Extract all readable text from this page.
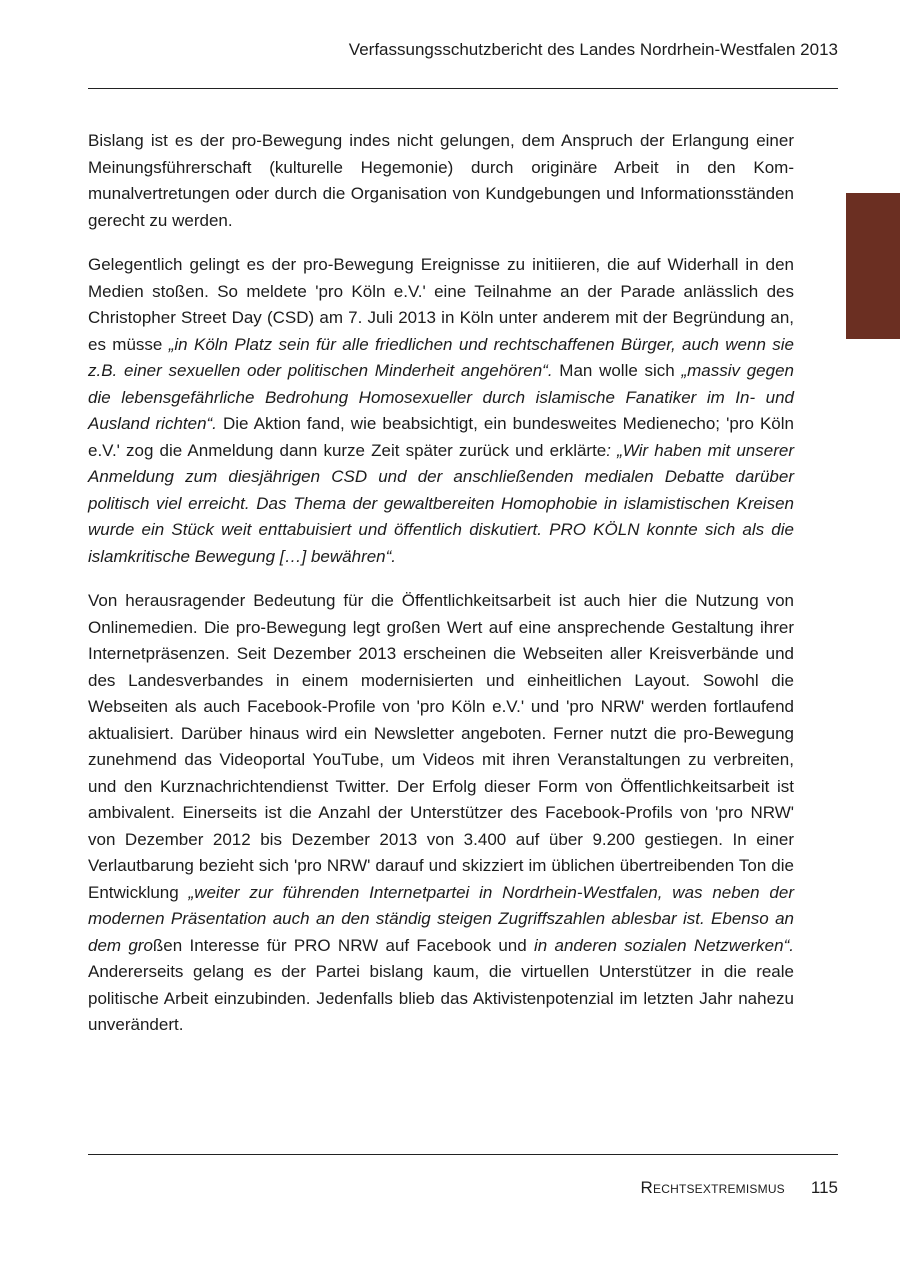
Verfassungsschutzbericht des Landes Nordrhein-Westfalen 2013

Bislang ist es der pro-Bewegung indes nicht gelungen, dem Anspruch der Erlangung einer Meinungsführerschaft (kulturelle Hegemonie) durch originäre Arbeit in den Kommunalvertretungen oder durch die Organisation von Kundgebungen und Informationsständen gerecht zu werden.

Gelegentlich gelingt es der pro-Bewegung Ereignisse zu initiieren, die auf Widerhall in den Medien stoßen. So meldete 'pro Köln e.V.' eine Teilnahme an der Parade anlässlich des Christopher Street Day (CSD) am 7. Juli 2013 in Köln unter anderem mit der Begründung an, es müsse „in Köln Platz sein für alle friedlichen und rechtschaffenen Bürger, auch wenn sie z.B. einer sexuellen oder politischen Minderheit angehören“. Man wolle sich „massiv gegen die lebensgefährliche Bedrohung Homosexueller durch islamische Fanatiker im In- und Ausland richten“. Die Aktion fand, wie beabsichtigt, ein bundesweites Medienecho; 'pro Köln e.V.' zog die Anmeldung dann kurze Zeit später zurück und erklärte: „Wir haben mit unserer Anmeldung zum diesjährigen CSD und der anschließenden medialen Debatte darüber politisch viel erreicht. Das Thema der gewaltbereiten Homophobie in islamistischen Kreisen wurde ein Stück weit enttabuisiert und öffentlich diskutiert. PRO KÖLN konnte sich als die islamkritische Bewegung […] bewähren“.

Von herausragender Bedeutung für die Öffentlichkeitsarbeit ist auch hier die Nutzung von Onlinemedien. Die pro-Bewegung legt großen Wert auf eine ansprechende Gestaltung ihrer Internetpräsenzen. Seit Dezember 2013 erscheinen die Webseiten aller Kreisverbände und des Landesverbandes in einem modernisierten und einheitlichen Layout. Sowohl die Webseiten als auch Facebook-Profile von 'pro Köln e.V.' und 'pro NRW' werden fortlaufend aktualisiert. Darüber hinaus wird ein Newsletter angeboten. Ferner nutzt die pro-Bewegung zunehmend das Videoportal YouTube, um Videos mit ihren Veranstaltungen zu verbreiten, und den Kurznachrichtendienst Twitter. Der Erfolg dieser Form von Öffentlichkeitsarbeit ist ambivalent. Einerseits ist die Anzahl der Unterstützer des Facebook-Profils von 'pro NRW' von Dezember 2012 bis Dezember 2013 von 3.400 auf über 9.200 gestiegen. In einer Verlautbarung bezieht sich 'pro NRW' darauf und skizziert im üblichen übertreibenden Ton die Entwicklung „weiter zur führenden Internetpartei in Nordrhein-Westfalen, was neben der modernen Präsentation auch an den ständig steigen Zugriffszahlen ablesbar ist. Ebenso an dem großen Interesse für PRO NRW auf Facebook und in anderen sozialen Netzwerken“. Andererseits gelang es der Partei bislang kaum, die virtuellen Unterstützer in die reale politische Arbeit einzubinden. Jedenfalls blieb das Aktivistenpotenzial im letzten Jahr nahezu unverändert.

Rechtsextremismus 115
